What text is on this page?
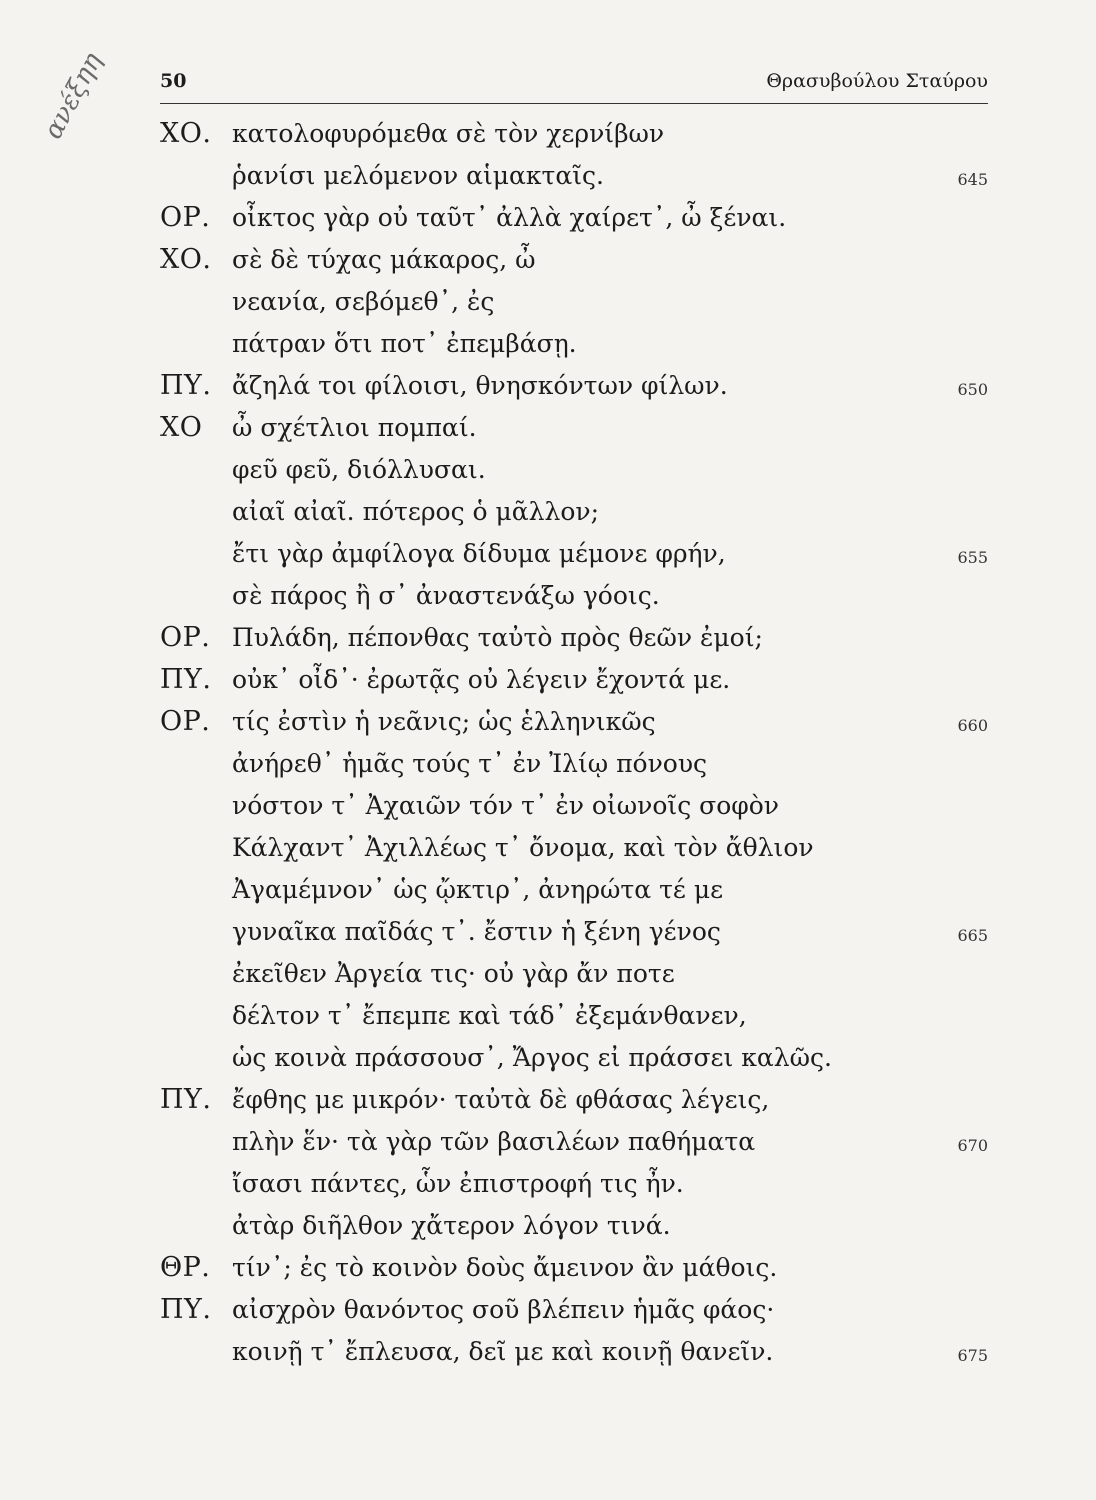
ανέξηη	50	Θρασυβούλου Σταύρου
ΧΟ. κατολοφυρόμεθα σὲ τὸν χερνίβων
ῥανίσι μελόμενον αἱμακταῖς.	645
ΟΡ. οἶκτος γὰρ οὐ ταῦτ᾿ ἀλλὰ χαίρετ᾿, ὦ ξέναι.
ΧΟ. σὲ δὲ τύχας μάκαρος, ὦ
νεανία, σεβόμεθ᾿, ἐς
πάτραν ὅτι ποτ᾿ ἐπεμβάσῃ.
ΠΥ. ἄζηλά τοι φίλοισι, θνησκόντων φίλων.	650
ΧΟ ὦ σχέτλιοι πομπαί.
φεῦ φεῦ, διόλλυσαι.
αἰαῖ αἰαῖ. πότερος ὁ μᾶλλον;
ἔτι γὰρ ἀμφίλογα δίδυμα μέμονε φρήν,	655
σὲ πάρος ἢ σ᾿ ἀναστενάξω γόοις.
ΟΡ. Πυλάδη, πέπονθας ταὐτὸ πρὸς θεῶν ἐμοί;
ΠΥ. οὐκ᾿ οἶδ᾿· ἐρωτᾷς οὐ λέγειν ἔχοντά με.
ΟΡ. τίς ἐστὶν ἡ νεᾶνις; ὡς ἑλληνικῶς	660
ἀνήρεθ᾿ ἡμᾶς τούς τ᾿ ἐν Ἰλίῳ πόνους
νόστον τ᾿ Ἀχαιῶν τόν τ᾿ ἐν οἰωνοῖς σοφὸν
Κάλχαντ᾿ Ἀχιλλέως τ᾿ ὄνομα, καὶ τὸν ἄθλιον
Ἀγαμέμνον᾿ ὡς ᾤκτιρ᾿, ἀνηρώτα τέ με
γυναῖκα παῖδάς τ᾿. ἔστιν ἡ ξένη γένος	665
ἐκεῖθεν Ἀργεία τις· οὐ γὰρ ἄν ποτε
δέλτον τ᾿ ἔπεμπε καὶ τάδ᾿ ἐξεμάνθανεν,
ὡς κοινὰ πράσσουσ᾿, Ἄργος εἰ πράσσει καλῶς.
ΠΥ. ἔφθης με μικρόν· ταὐτὰ δὲ φθάσας λέγεις,
πλὴν ἕν· τὰ γὰρ τῶν βασιλέων παθήματα	670
ἴσασι πάντες, ὧν ἐπιστροφή τις ἦν.
ἀτὰρ διῆλθον χἄτερον λόγον τινά.
ΘΡ. τίν᾿; ἐς τὸ κοινὸν δοὺς ἄμεινον ἂν μάθοις.
ΠΥ. αἰσχρὸν θανόντος σοῦ βλέπειν ἡμᾶς φάος·
κοινῇ τ᾿ ἔπλευσα, δεῖ με καὶ κοινῇ θανεῖν.	675
